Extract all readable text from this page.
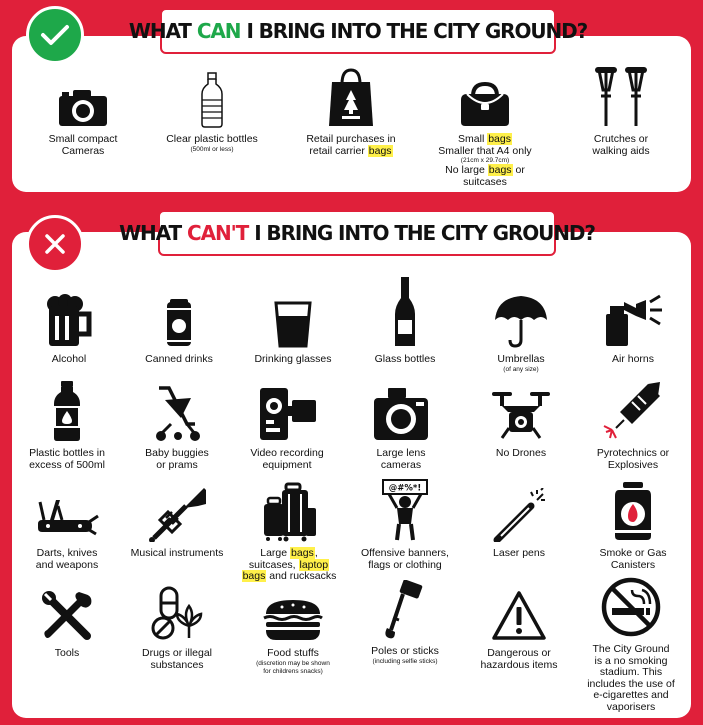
WHAT CAN I BRING INTO THE CITY GROUND?
WHAT CAN'T I BRING INTO THE CITY GROUND?
Small compact
Cameras
Clear plastic bottles
(500ml or less)
Retail purchases in
retail carrier bags
Small bags
Smaller that A4 only
(21cm x 29.7cm)
No large bags or
suitcases
Crutches or
walking aids
Alcohol	Canned drinks	Drinking glasses	Glass bottles	Umbrellas
(of any size)
Air horns
Plastic bottles in
excess of 500ml
Baby buggies
or prams
Video recording
equipment
Large lens
cameras
No Drones	Pyrotechnics or
Explosives
Darts, knives
and weapons
Musical instruments	Large bags,
suitcases, laptop
bags and rucksacks
@#%*!
Offensive banners,
flags or clothing
Laser pens	Smoke or Gas
Canisters
Tools	Drugs or illegal
substances
Food stuffs
(discretion may be shown
for childrens snacks)
Poles or sticks
(including selfie sticks)
Dangerous or
hazardous items
The City Ground
is a no smoking
stadium. This
includes the use of
e-cigarettes and
vaporisers
